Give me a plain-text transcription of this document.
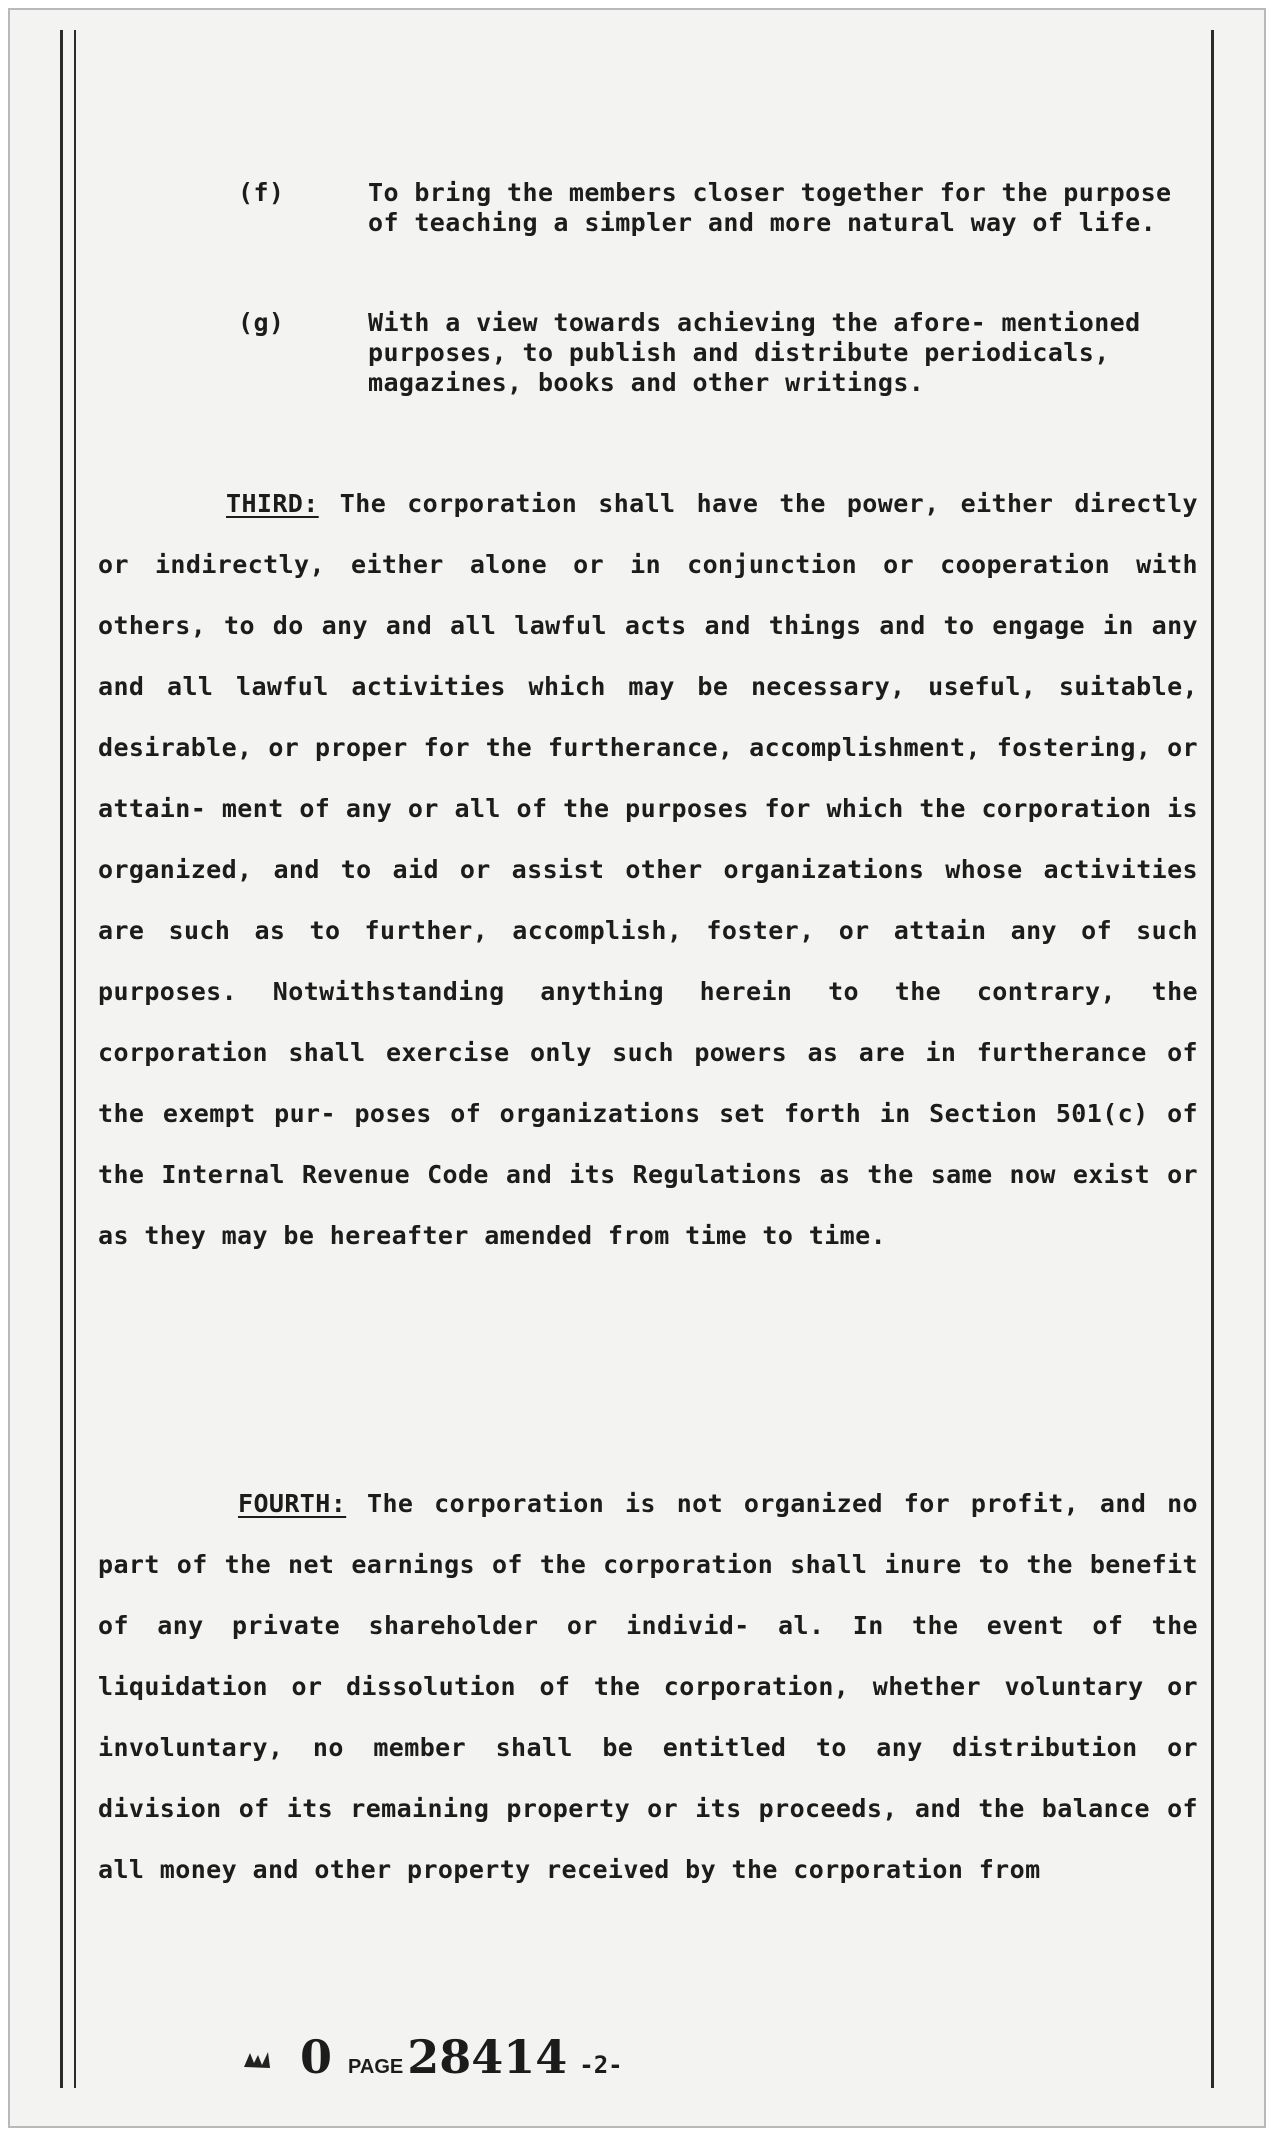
(f)	To bring the members closer together for the purpose of teaching a simpler and more natural way of life.
(g)	With a view towards achieving the afore- mentioned purposes, to publish and distribute periodicals, magazines, books and other writings.
THIRD: The corporation shall have the power, either directly or indirectly, either alone or in conjunction or cooperation with others, to do any and all lawful acts and things and to engage in any and all lawful activities which may be necessary, useful, suitable, desirable, or proper for the furtherance, accomplishment, fostering, or attain- ment of any or all of the purposes for which the corporation is organized, and to aid or assist other organizations whose activities are such as to further, accomplish, foster, or attain any of such purposes. Notwithstanding anything herein to the contrary, the corporation shall exercise only such powers as are in furtherance of the exempt pur- poses of organizations set forth in Section 501(c) of the Internal Revenue Code and its Regulations as the same now exist or as they may be hereafter amended from time to time.
FOURTH: The corporation is not organized for profit, and no part of the net earnings of the corporation shall inure to the benefit of any private shareholder or individ- al. In the event of the liquidation or dissolution of the corporation, whether voluntary or involuntary, no member shall be entitled to any distribution or division of its remaining property or its proceeds, and the balance of all money and other property received by the corporation from
0 PAGE 28414 -2-
